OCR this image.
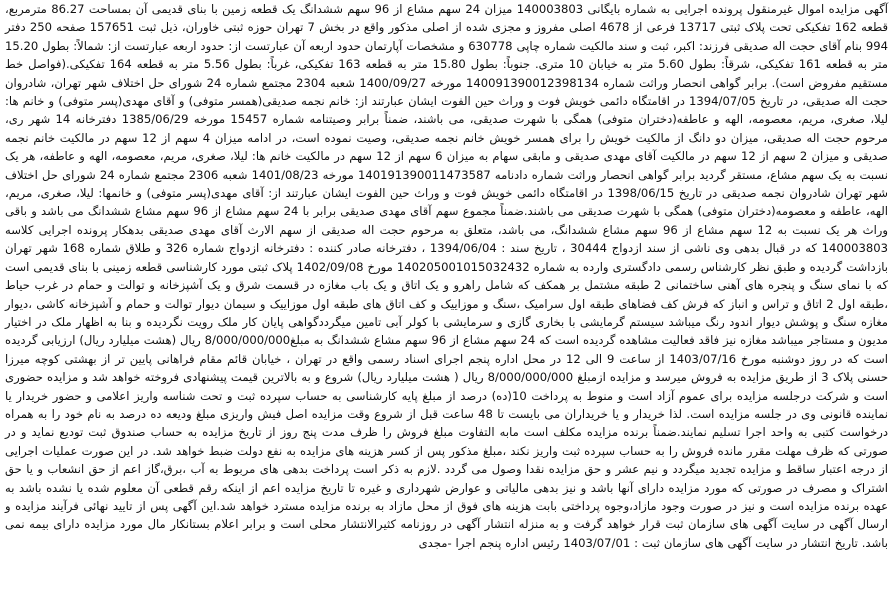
آگهی مزایده اموال غیرمنقول پرونده اجرایی به شماره بایگانی 140003803 میزان 24 سهم مشاع از 96 سهم ششدانگ یک قطعه زمین با بنای قدیمی آن بمساحت 86.27 مترمربع، قطعه 162 تفکیکی تحت پلاک ثبتی 13717 فرعی از 4678 اصلی مفروز و مجزی شده از اصلی مذکور واقع در بخش 7 تهران حوزه ثبتی خاوران، ذیل ثبت 157651 صفحه 250 دفتر 994 بنام آقای حجت اله صدیقی فرزند: اکبر، ثبت و سند مالکیت شماره چاپی 630778 و مشخصات آپارتمان حدود اربعه آن عبارتست از: حدود اربعه عبارتست از: شمالاً: بطول 15.20 متر به قطعه 161 تفکیکی، شرقاً: بطول 5.60 متر به خیابان 10 متری. جنوباً: بطول 15.80 متر به قطعه 163 تفکیکی، غرباً: بطول 5.56 متر به قطعه 164 تفکیکی.(فواصل خط مستقیم مفروض است). برابر گواهی انحصار وراثت شماره 140091390012398134 مورخه 1400/09/27 شعبه 2304 مجتمع شماره 24 شورای حل اختلاف شهر تهران، شادروان حجت اله صدیقی، در تاریخ 1394/07/05 در اقامتگاه دائمی خویش فوت و وراث حین الفوت ایشان عبارتند از: خانم نجمه صدیقی(همسر متوفی) و آقای مهدی(پسر متوفی) و خانم ها: لیلا، صغری، مریم، معصومه، الهه و عاطفه(دختران متوفی) همگی با شهرت صدیقی، می باشند، ضمناً برابر وصیتنامه شماره 15457 مورخه 1385/06/29 دفترخانه 14 شهر ری، مرحوم حجت اله صدیقی، میزان دو دانگ از مالکیت خویش را برای همسر خویش خانم نجمه صدیقی، وصیت نموده است، در ادامه میزان 4 سهم از 12 سهم در مالکیت خانم نجمه صدیقی و میزان 2 سهم از 12 سهم در مالکیت آقای مهدی صدیقی و مابقی سهام به میزان 6 سهم از 12 سهم در مالکیت خانم ها: لیلا، صغری، مریم، معصومه، الهه و عاطفه، هر یک نسبت به یک سهم مشاع، مستقر گردید برابر گواهی انحصار وراثت شماره دادنامه 140191390011473587 مورخه 1401/08/23 شعبه 2306 مجتمع شماره 24 شورای حل اختلاف شهر تهران شادروان نجمه صدیقی در تاریخ 1398/06/15 در اقامتگاه دائمی خویش فوت و وراث حین الفوت ایشان عبارتند از: آقای مهدی(پسر متوفی) و خانمها: لیلا، صغری، مریم، الهه، عاطفه و معصومه(دختران متوفی) همگی با شهرت صدیقی می باشند.ضمناً مجموع سهم آقای مهدی صدیقی برابر با 24 سهم مشاع از 96 سهم مشاع ششدانگ می باشد و باقی وراث هر یک نسبت به 12 سهم مشاع از 96 سهم مشاع ششدانگ، می باشد، متعلق به مرحوم حجت اله صدیقی از سهم الارث آقای مهدی صدیقی بدهکار پرونده اجرایی کلاسه 140003803 که در قبال بدهی وی ناشی از سند ازدواج 30444 ، تاریخ سند : 1394/06/04 ، دفترخانه صادر کننده : دفترخانه ازدواج شماره 326 و طلاق شماره 168 شهر تهران بازداشت گردیده و طبق نظر کارشناس رسمی دادگستری وارده به شماره 140205001015032432 مورخ 1402/09/08 پلاک ثبتی مورد کارشناسی قطعه زمینی با بنای قدیمی است که با نمای سنگ و پنجره های آهنی ساختمانی 2 طبقه مشتمل بر همکف که شامل راهرو و یک اتاق و یک باب مغازه در قسمت شرق و یک آشپزخانه و توالت و حمام در غرب حیاط ،طبقه اول 2 اتاق و تراس و انباز که فرش کف فضاهای طبقه اول سرامیک ،سنگ و موزاییک و کف اتاق های طبقه اول موزاییک و سیمان دیوار توالت و حمام و آشپزخانه کاشی ،دیوار مغازه سنگ و پوشش دیوار اندود رنگ میباشد سیستم گرمایشی با بخاری گازی و سرمایشی با کولر آبی تامین میگرددگواهی پایان کار ملک رویت نگردیده و بنا به اظهار ملک در اختیار مدیون و مستاجر میباشد مغازه نیز فاقد فعالیت مشاهده گردیده است که 24 سهم مشاع از 96 سهم مشاع ششدانگ به مبلغ8/000/000/000 ریال (هشت میلیارد ریال) ارزیابی گردیده است که در روز دوشنبه مورخ 1403/07/16 از ساعت 9 الی 12 در محل اداره پنجم اجرای اسناد رسمی واقع در تهران ، خیابان قائم مقام فراهانی پایین تر از بهشتی کوچه میرزا حسنی پلاک 3 از طریق مزایده به فروش میرسد و مزایده ازمبلغ 8/000/000/000 ریال ( هشت میلیارد ریال) شروع و به بالاترین قیمت پیشنهادی فروخته خواهد شد و مزایده حضوری است و شرکت درجلسه مزایده برای عموم آزاد است و منوط به پرداخت 10(ده) درصد از مبلغ پایه کارشناسی به حساب سپرده ثبت و تحت شناسه واریز اعلامی و حضور خریدار یا نماینده قانونی وی در جلسه مزایده است. لذا خریدار و یا خریداران می بایست تا 48 ساعت قبل از شروع وقت مزایده اصل فیش واریزی مبلغ ودیعه ده درصد به نام خود را به همراه درخواست کتبی به واحد اجرا تسلیم نمایند.ضمناً برنده مزایده مکلف است مابه التفاوت مبلغ فروش را ظرف مدت پنج روز از تاریخ مزایده به حساب صندوق ثبت تودیع نماید و در صورتی که ظرف مهلت مقرر مانده فروش را به حساب سپرده ثبت واریز نکند ،مبلغ مذکور پس از کسر هزینه های مزایده به نفع دولت ضبط خواهد شد. در این صورت عملیات اجرایی از درجه اعتبار ساقط و مزایده تجدید میگردد و نیم عشر و حق مزایده نقدا وصول می گردد .لازم به ذکر است پرداخت بدهی های مربوط به آب ،برق،گاز اعم از حق انشعاب و یا حق اشتراک و مصرف در صورتی که مورد مزایده دارای آنها باشد و نیز بدهی مالیاتی و عوارض شهرداری و غیره تا تاریخ مزایده اعم از اینکه رقم قطعی آن معلوم شده یا نشده باشد به عهده برنده مزایده است و نیز در صورت وجود مازاد،وجوه پرداختی بابت هزینه های فوق از محل مازاد به برنده مزایده مسترد خواهد شد.این آگهی پس از تایید نهائی فرآیند مزایده و ارسال آگهی در سایت آگهی های سازمان ثبت قرار خواهد گرفت و به منزله انتشار آگهی در روزنامه کثیرالانتشار محلی است و برابر اعلام بستانکار مال مورد مزایده دارای بیمه نمی باشد. تاریخ انتشار در سایت آگهی های سازمان ثبت : 1403/07/01 رئیس اداره پنجم اجرا -مجدی
